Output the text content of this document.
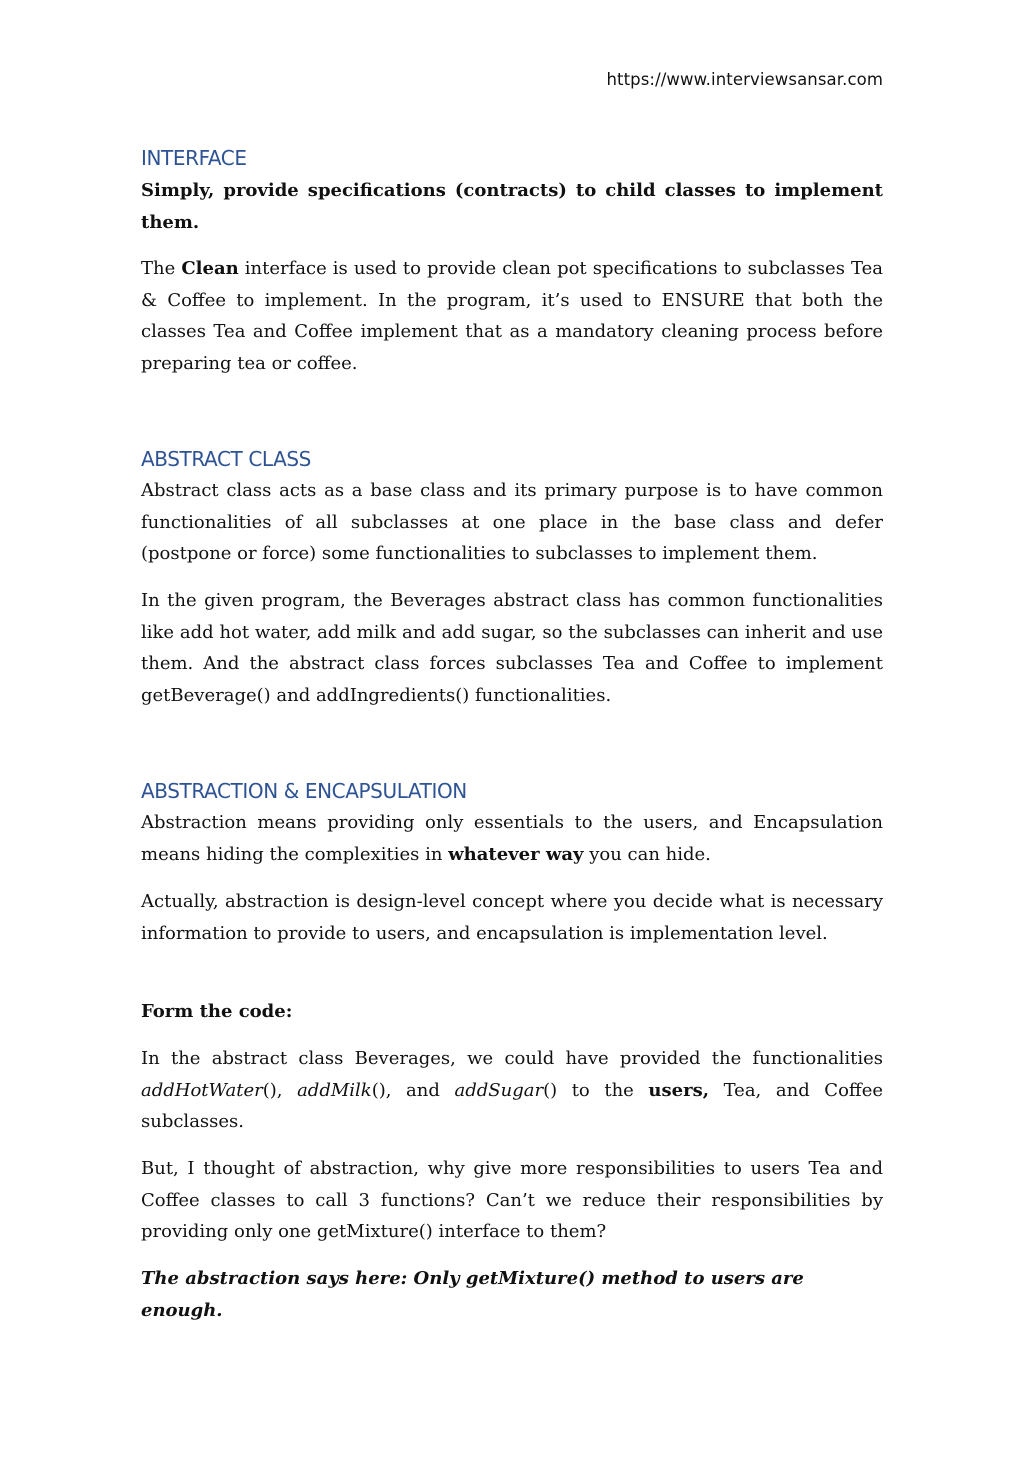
https://www.interviewsansar.com
INTERFACE

Simply, provide specifications (contracts) to child classes to implement them.

The Clean interface is used to provide clean pot specifications to subclasses Tea & Coffee to implement. In the program, it’s used to ENSURE that both the classes Tea and Coffee implement that as a mandatory cleaning process before preparing tea or coffee.

ABSTRACT CLASS

Abstract class acts as a base class and its primary purpose is to have common functionalities of all subclasses at one place in the base class and defer (postpone or force) some functionalities to subclasses to implement them.

In the given program, the Beverages abstract class has common functionalities like add hot water, add milk and add sugar, so the subclasses can inherit and use them. And the abstract class forces subclasses Tea and Coffee to implement getBeverage() and addIngredients() functionalities.

ABSTRACTION & ENCAPSULATION

Abstraction means providing only essentials to the users, and Encapsulation means hiding the complexities in whatever way you can hide.

Actually, abstraction is design-level concept where you decide what is necessary information to provide to users, and encapsulation is implementation level.

Form the code:

In the abstract class Beverages, we could have provided the functionalities addHotWater(), addMilk(), and addSugar() to the users, Tea, and Coffee subclasses.

But, I thought of abstraction, why give more responsibilities to users Tea and Coffee classes to call 3 functions? Can’t we reduce their responsibilities by providing only one getMixture() interface to them?

The abstraction says here: Only getMixture() method to users are enough.
